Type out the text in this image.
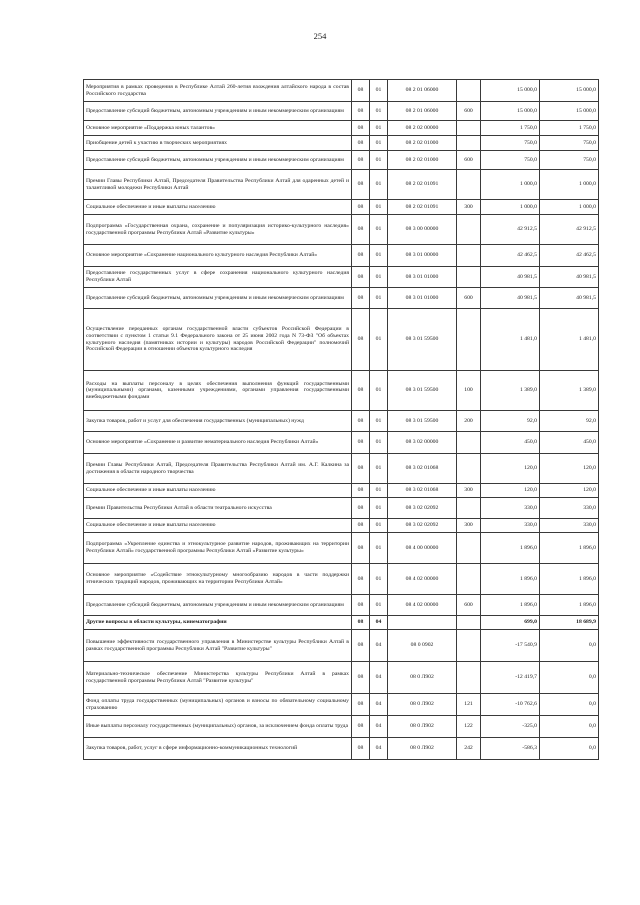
254
Мероприятия в рамках проведения в Республике Алтай 260-летия вхождения алтайского народа в состав Российского государства	08	01	08 2 01 06000		15 000,0	15 000,0
Предоставление субсидий бюджетным, автономным учреждениям и иным некоммерческим организациям	08	01	08 2 01 06000	600	15 000,0	15 000,0
Основное мероприятие «Поддержка юных талантов»	08	01	08 2 02 00000		1 750,0	1 750,0
Приобщение детей к участию в творческих мероприятиях	08	01	08 2 02 01000		750,0	750,0
Предоставление субсидий бюджетным, автономным учреждениям и иным некоммерческим организациям	08	01	08 2 02 01000	600	750,0	750,0
Премии Главы Республики Алтай, Председателя Правительства Республики Алтай для одаренных детей и талантливой молодежи Республики Алтай	08	01	08 2 02 01091		1 000,0	1 000,0
Социальное обеспечение и иные выплаты населению	08	01	08 2 02 01091	300	1 000,0	1 000,0
Подпрограмма «Государственная охрана, сохранение и популяризация историко-культурного наследия» государственной программы Республики Алтай «Развитие культуры»	08	01	08 3 00 00000		42 912,5	42 912,5
Основное мероприятие «Сохранение национального культурного наследия Республики Алтай»	08	01	08 3 01 00000		42 462,5	42 462,5
Предоставление государственных услуг в сфере сохранения национального культурного наследия Республики Алтай	08	01	08 3 01 01000		40 981,5	40 981,5
Предоставление субсидий бюджетным, автономным учреждениям и иным некоммерческим организациям	08	01	08 3 01 01000	600	40 981,5	40 981,5
Осуществление переданных органам государственной власти субъектов Российской Федерации в соответствии с пунктом 1 статьи 9.1 Федерального закона от 25 июня 2002 года N 73-ФЗ "Об объектах культурного наследия (памятниках истории и культуры) народов Российской Федерации" полномочий Российской Федерации в отношении объектов культурного наследия	08	01	08 3 01 59500		1 481,0	1 481,0
Расходы на выплаты персоналу в целях обеспечения выполнения функций государственными (муниципальными) органами, казенными учреждениями, органами управления государственными внебюджетными фондами	08	01	08 3 01 59500	100	1 389,0	1 389,0
Закупка товаров, работ и услуг для обеспечения государственных (муниципальных) нужд	08	01	08 3 01 59500	200	92,0	92,0
Основное мероприятие «Сохранение и развитие нематериального наследия Республики Алтай»	08	01	08 3 02 00000		450,0	450,0
Премии Главы Республики Алтай, Председателя Правительства Республики Алтай им. А.Г. Калкина за достижения в области народного творчества	08	01	08 3 02 01068		120,0	120,0
Социальное обеспечение и иные выплаты населению	08	01	08 3 02 01068	300	120,0	120,0
Премии Правительства Республики Алтай в области театрального искусства	08	01	08 3 02 02092		330,0	330,0
Социальное обеспечение и иные выплаты населению	08	01	08 3 02 02092	300	330,0	330,0
Подпрограмма «Укрепление единства и этнокультурное развитие народов, проживающих на территории Республики Алтай» государственной программы Республики Алтай «Развитие культуры»	08	01	08 4 00 00000		1 896,0	1 896,0
Основное мероприятие «Содействие этнокультурному многообразию народов в части поддержки этнических традиций народов, проживающих на территории Республики Алтай»	08	01	08 4 02 00000		1 896,0	1 896,0
Предоставление субсидий бюджетным, автономным учреждениям и иным некоммерческим организациям	08	01	08 4 02 00000	600	1 896,0	1 896,0
Другие вопросы в области культуры, кинематографии	08	04			699,0	18 689,9
Повышение эффективности государственного управления в Министерстве культуры Республики Алтай в рамках государственной программы Республики Алтай "Развитие культуры"	08	04	08 0 0902		-17 540,9	0,0
Материально-техническое обеспечение Министерства культуры Республики Алтай в рамках государственной программы Республики Алтай "Развитие культуры"	08	04	08 0 Л902		-12 419,7	0,0
Фонд оплаты труда государственных (муниципальных) органов и взносы по обязательному социальному страхованию	08	04	08 0 Л902	121	-10 762,6	0,0
Иные выплаты персоналу государственных (муниципальных) органов, за исключением фонда оплаты труда	08	04	08 0 Л902	122	-325,0	0,0
Закупка товаров, работ, услуг в сфере информационно-коммуникационных технологий	08	04	08 0 Л902	242	-586,3	0,0
